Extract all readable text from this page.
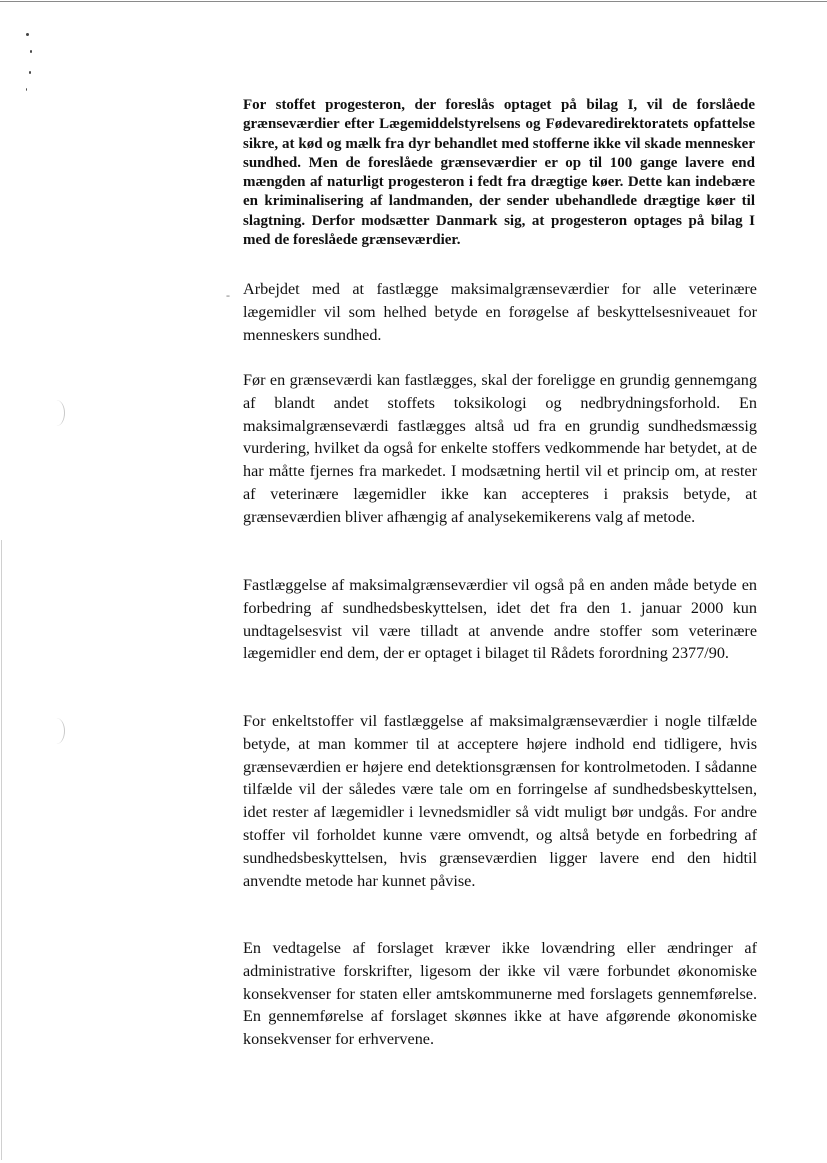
-

For stoffet progesteron, der foreslås optaget på bilag I, vil de forslåede grænseværdier efter Lægemiddelstyrelsens og Fødevaredirektoratets opfattelse sikre, at kød og mælk fra dyr behandlet med stofferne ikke vil skade mennesker sundhed. Men de foreslåede grænseværdier er op til 100 gange lavere end mængden af naturligt progesteron i fedt fra drægtige køer. Dette kan indebære en kriminalisering af landmanden, der sender ubehandlede drægtige køer til slagtning. Derfor modsætter Danmark sig, at progesteron optages på bilag I med de foreslåede grænseværdier.

Arbejdet med at fastlægge maksimalgrænseværdier for alle veterinære lægemidler vil som helhed betyde en forøgelse af beskyttelsesniveauet for menneskers sundhed.

Før en grænseværdi kan fastlægges, skal der foreligge en grundig gennemgang af blandt andet stoffets toksikologi og nedbrydningsforhold. En maksimalgrænseværdi fastlægges altså ud fra en grundig sundhedsmæssig vurdering, hvilket da også for enkelte stoffers vedkommende har betydet, at de har måtte fjernes fra markedet. I modsætning hertil vil et princip om, at rester af veterinære lægemidler ikke kan accepteres i praksis betyde, at grænseværdien bliver afhængig af analysekemikerens valg af metode.

Fastlæggelse af maksimalgrænseværdier vil også på en anden måde betyde en forbedring af sundhedsbeskyttelsen, idet det fra den 1. januar 2000 kun undtagelsesvist vil være tilladt at anvende andre stoffer som veterinære lægemidler end dem, der er optaget i bilaget til Rådets forordning 2377/90.

For enkeltstoffer vil fastlæggelse af maksimalgrænseværdier i nogle tilfælde betyde, at man kommer til at acceptere højere indhold end tidligere, hvis grænseværdien er højere end detektionsgrænsen for kontrolmetoden. I sådanne tilfælde vil der således være tale om en forringelse af sundhedsbeskyttelsen, idet rester af lægemidler i levnedsmidler så vidt muligt bør undgås. For andre stoffer vil forholdet kunne være omvendt, og altså betyde en forbedring af sundhedsbeskyttelsen, hvis grænseværdien ligger lavere end den hidtil anvendte metode har kunnet påvise.

En vedtagelse af forslaget kræver ikke lovændring eller ændringer af administrative forskrifter, ligesom der ikke vil være forbundet økonomiske konsekvenser for staten eller amtskommunerne med forslagets gennemførelse. En gennemførelse af forslaget skønnes ikke at have afgørende økonomiske konsekvenser for erhvervene.
